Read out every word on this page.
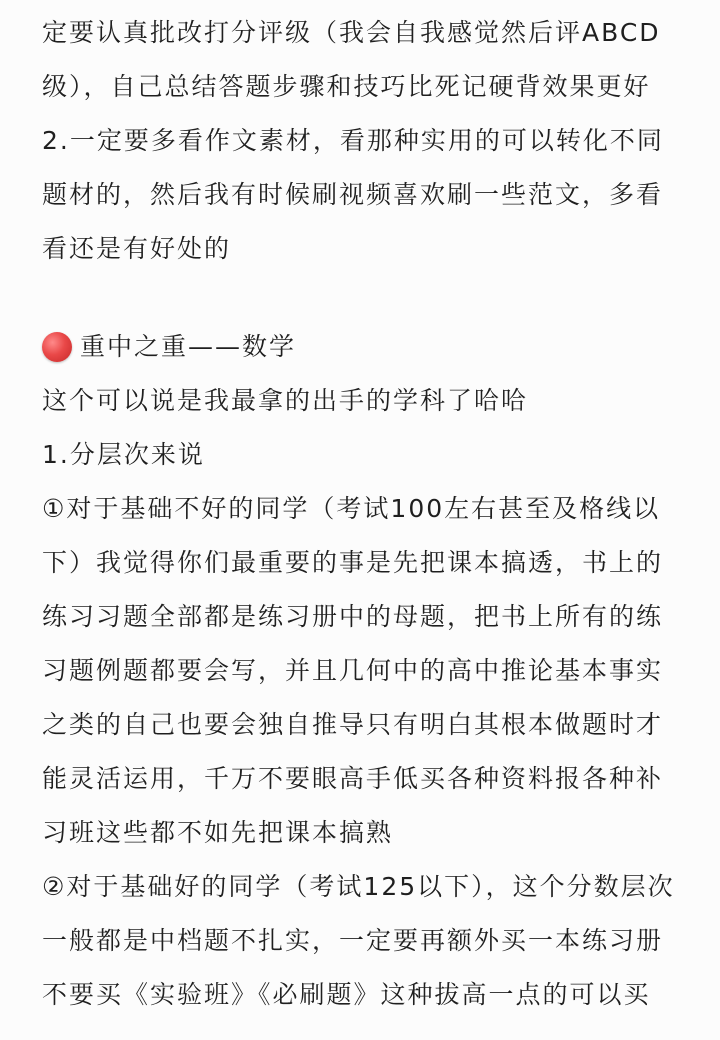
定要认真批改打分评级（我会自我感觉然后评ABCD
级），自己总结答题步骤和技巧比死记硬背效果更好
2.一定要多看作文素材，看那种实用的可以转化不同
题材的，然后我有时候刷视频喜欢刷一些范文，多看
看还是有好处的
重中之重——数学
这个可以说是我最拿的出手的学科了哈哈
1.分层次来说
①对于基础不好的同学（考试100左右甚至及格线以
下）我觉得你们最重要的事是先把课本搞透，书上的
练习习题全部都是练习册中的母题，把书上所有的练
习题例题都要会写，并且几何中的高中推论基本事实
之类的自己也要会独自推导只有明白其根本做题时才
能灵活运用，千万不要眼高手低买各种资料报各种补
习班这些都不如先把课本搞熟
②对于基础好的同学（考试125以下），这个分数层次
一般都是中档题不扎实，一定要再额外买一本练习册
不要买《实验班》《必刷题》这种拔高一点的可以买
